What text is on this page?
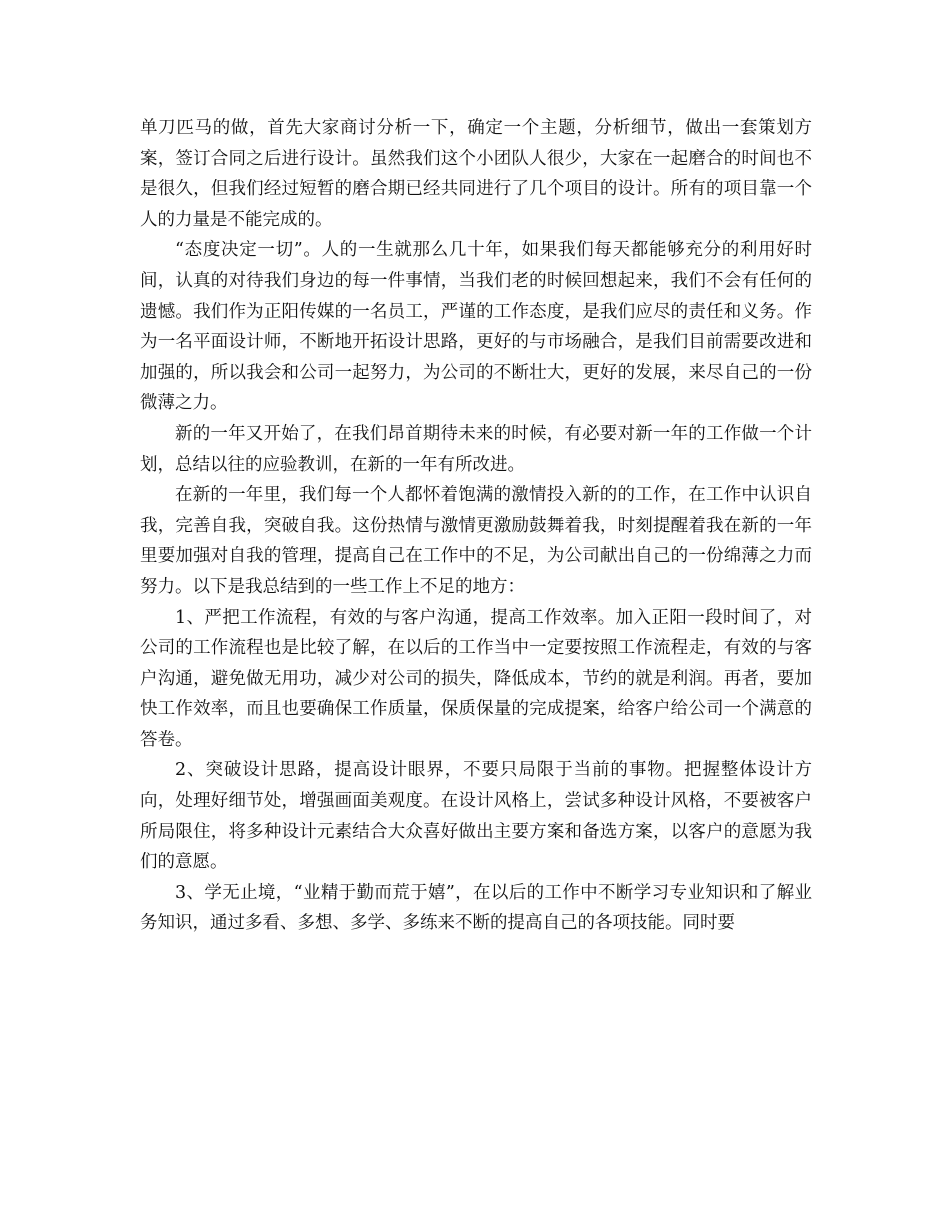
单刀匹马的做，首先大家商讨分析一下，确定一个主题，分析细节，做出一套策划方案，签订合同之后进行设计。虽然我们这个小团队人很少，大家在一起磨合的时间也不是很久，但我们经过短暂的磨合期已经共同进行了几个项目的设计。所有的项目靠一个人的力量是不能完成的。

“态度决定一切”。人的一生就那么几十年，如果我们每天都能够充分的利用好时间，认真的对待我们身边的每一件事情，当我们老的时候回想起来，我们不会有任何的遗憾。我们作为正阳传媒的一名员工，严谨的工作态度，是我们应尽的责任和义务。作为一名平面设计师，不断地开拓设计思路，更好的与市场融合，是我们目前需要改进和加强的，所以我会和公司一起努力，为公司的不断壮大，更好的发展，来尽自己的一份微薄之力。

新的一年又开始了，在我们昂首期待未来的时候，有必要对新一年的工作做一个计划，总结以往的应验教训，在新的一年有所改进。

在新的一年里，我们每一个人都怀着饱满的激情投入新的的工作，在工作中认识自我，完善自我，突破自我。这份热情与激情更激励鼓舞着我，时刻提醒着我在新的一年里要加强对自我的管理，提高自己在工作中的不足，为公司献出自己的一份绵薄之力而努力。以下是我总结到的一些工作上不足的地方：

1、严把工作流程，有效的与客户沟通，提高工作效率。加入正阳一段时间了，对公司的工作流程也是比较了解，在以后的工作当中一定要按照工作流程走，有效的与客户沟通，避免做无用功，减少对公司的损失，降低成本，节约的就是利润。再者，要加快工作效率，而且也要确保工作质量，保质保量的完成提案，给客户给公司一个满意的答卷。

2、突破设计思路，提高设计眼界，不要只局限于当前的事物。把握整体设计方向，处理好细节处，增强画面美观度。在设计风格上，尝试多种设计风格，不要被客户所局限住，将多种设计元素结合大众喜好做出主要方案和备选方案，以客户的意愿为我们的意愿。

3、学无止境，“业精于勤而荒于嬉”，在以后的工作中不断学习专业知识和了解业务知识，通过多看、多想、多学、多练来不断的提高自己的各项技能。同时要
